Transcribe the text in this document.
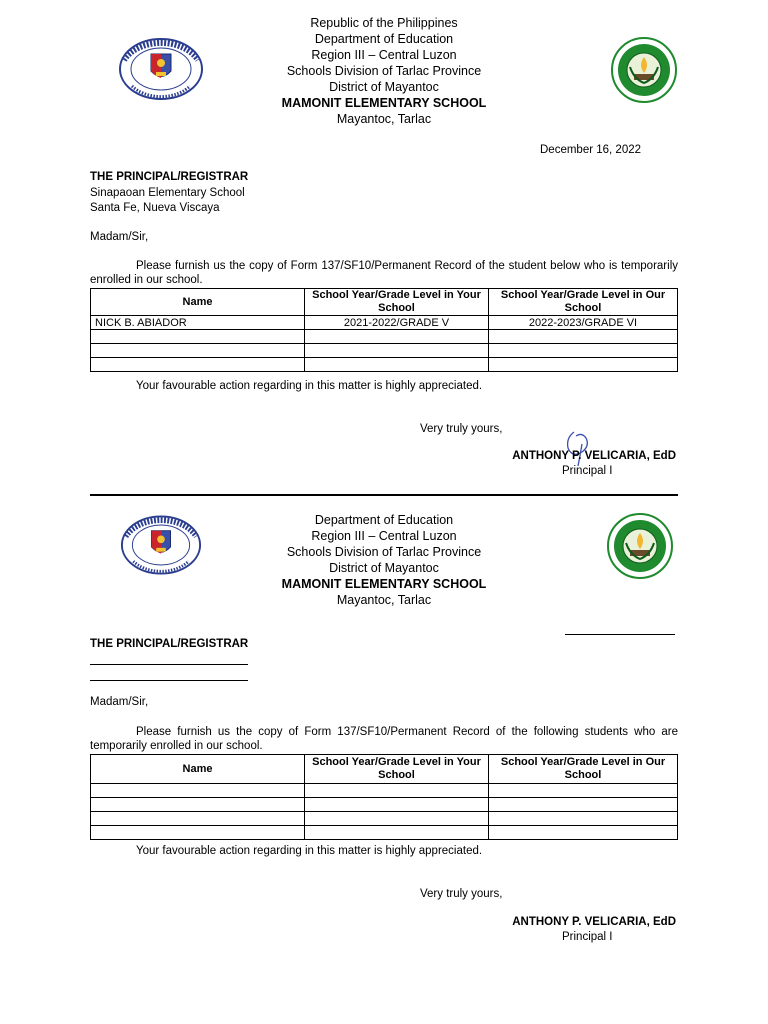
Republic of the Philippines
Department of Education
Region III – Central Luzon
Schools Division of Tarlac Province
District of Mayantoc
MAMONIT ELEMENTARY SCHOOL
Mayantoc, Tarlac
December 16, 2022
THE PRINCIPAL/REGISTRAR
Sinapaoan Elementary School
Santa Fe, Nueva Viscaya
Madam/Sir,
Please furnish us the copy of Form 137/SF10/Permanent Record of the student below who is temporarily enrolled in our school.
Name	School Year/Grade Level in Your School	School Year/Grade Level in Our School
NICK B. ABIADOR	2021-2022/GRADE V	2022-2023/GRADE VI

Your favourable action regarding in this matter is highly appreciated.
Very truly yours,
ANTHONY P. VELICARIA, EdD
Principal I
Department of Education
Region III – Central Luzon
Schools Division of Tarlac Province
District of Mayantoc
MAMONIT ELEMENTARY SCHOOL
Mayantoc, Tarlac
THE PRINCIPAL/REGISTRAR
Madam/Sir,
Please furnish us the copy of Form 137/SF10/Permanent Record of the following students who are temporarily enrolled in our school.
Name	School Year/Grade Level in Your School	School Year/Grade Level in Our School

Your favourable action regarding in this matter is highly appreciated.
Very truly yours,
ANTHONY P. VELICARIA, EdD
Principal I
